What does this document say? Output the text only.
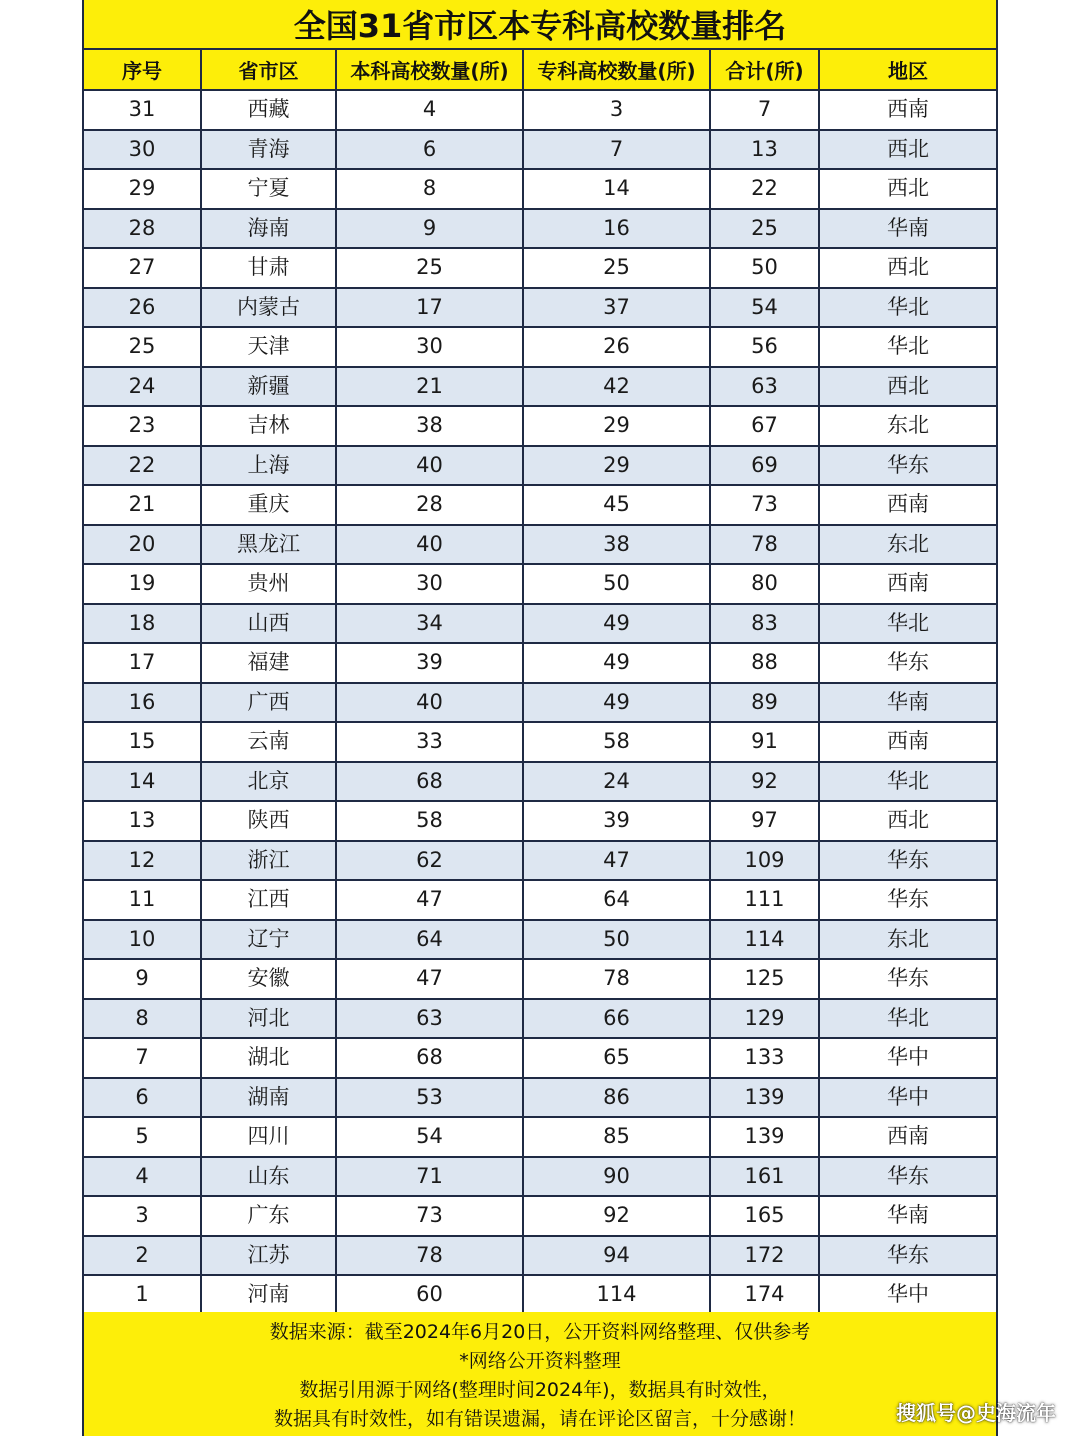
全国31省市区本专科高校数量排名
序号	省市区	本科高校数量(所)	专科高校数量(所)	合计(所)	地区
31	西藏	4	3	7	西南
30	青海	6	7	13	西北
29	宁夏	8	14	22	西北
28	海南	9	16	25	华南
27	甘肃	25	25	50	西北
26	内蒙古	17	37	54	华北
25	天津	30	26	56	华北
24	新疆	21	42	63	西北
23	吉林	38	29	67	东北
22	上海	40	29	69	华东
21	重庆	28	45	73	西南
20	黑龙江	40	38	78	东北
19	贵州	30	50	80	西南
18	山西	34	49	83	华北
17	福建	39	49	88	华东
16	广西	40	49	89	华南
15	云南	33	58	91	西南
14	北京	68	24	92	华北
13	陕西	58	39	97	西北
12	浙江	62	47	109	华东
11	江西	47	64	111	华东
10	辽宁	64	50	114	东北
9	安徽	47	78	125	华东
8	河北	63	66	129	华北
7	湖北	68	65	133	华中
6	湖南	53	86	139	华中
5	四川	54	85	139	西南
4	山东	71	90	161	华东
3	广东	73	92	165	华南
2	江苏	78	94	172	华东
1	河南	60	114	174	华中
数据来源：截至2024年6月20日，公开资料网络整理、仅供参考
*网络公开资料整理
数据引用源于网络(整理时间2024年)，数据具有时效性，
数据具有时效性，如有错误遗漏，请在评论区留言，十分感谢！	搜狐号@史海流年
